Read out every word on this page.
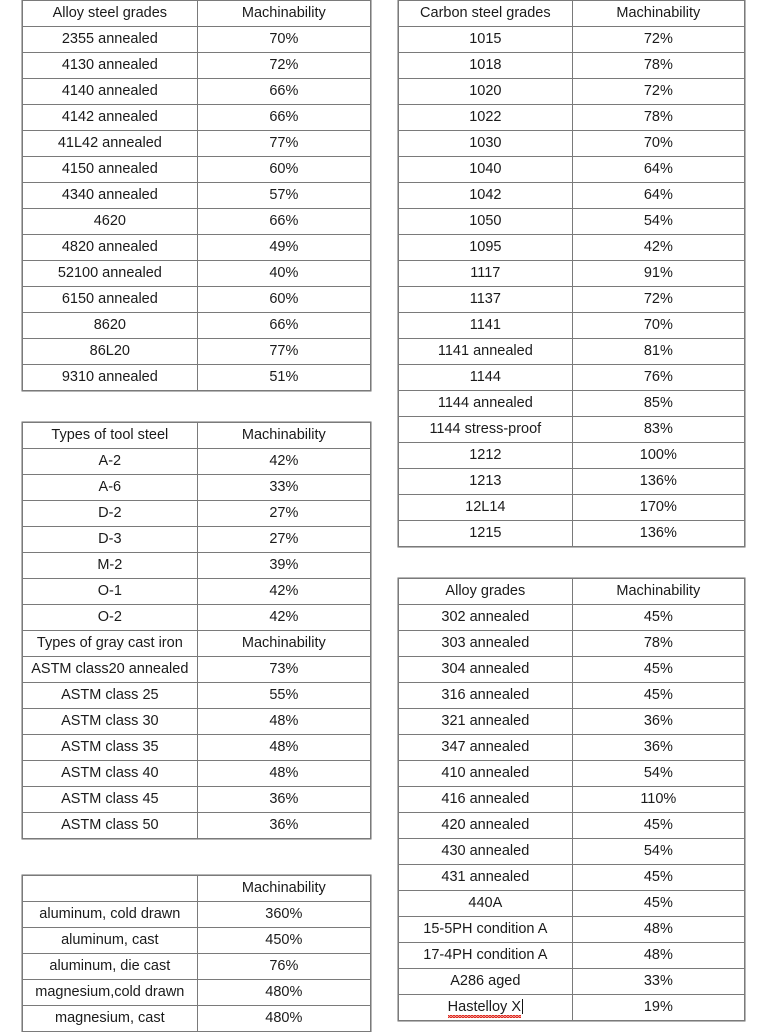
Alloy steel grades	Machinability
2355 annealed	70%
4130 annealed	72%
4140 annealed	66%
4142 annealed	66%
41L42 annealed	77%
4150 annealed	60%
4340 annealed	57%
4620	66%
4820 annealed	49%
52100 annealed	40%
6150 annealed	60%
8620	66%
86L20	77%
9310 annealed	51%
Types of tool steel	Machinability
A-2	42%
A-6	33%
D-2	27%
D-3	27%
M-2	39%
O-1	42%
O-2	42%
Types of gray cast iron	Machinability
ASTM class20 annealed	73%
ASTM class 25	55%
ASTM class 30	48%
ASTM class 35	48%
ASTM class 40	48%
ASTM class 45	36%
ASTM class 50	36%
	Machinability
aluminum, cold drawn	360%
aluminum, cast	450%
aluminum, die cast	76%
magnesium,cold drawn	480%
magnesium, cast	480%
Carbon steel grades	Machinability
1015	72%
1018	78%
1020	72%
1022	78%
1030	70%
1040	64%
1042	64%
1050	54%
1095	42%
1117	91%
1137	72%
1141	70%
1141 annealed	81%
1144	76%
1144 annealed	85%
1144 stress-proof	83%
1212	100%
1213	136%
12L14	170%
1215	136%
Alloy grades	Machinability
302 annealed	45%
303 annealed	78%
304 annealed	45%
316 annealed	45%
321 annealed	36%
347 annealed	36%
410 annealed	54%
416 annealed	110%
420 annealed	45%
430 annealed	54%
431 annealed	45%
440A	45%
15-5PH condition A	48%
17-4PH condition A	48%
A286 aged	33%
Hastelloy X	19%
